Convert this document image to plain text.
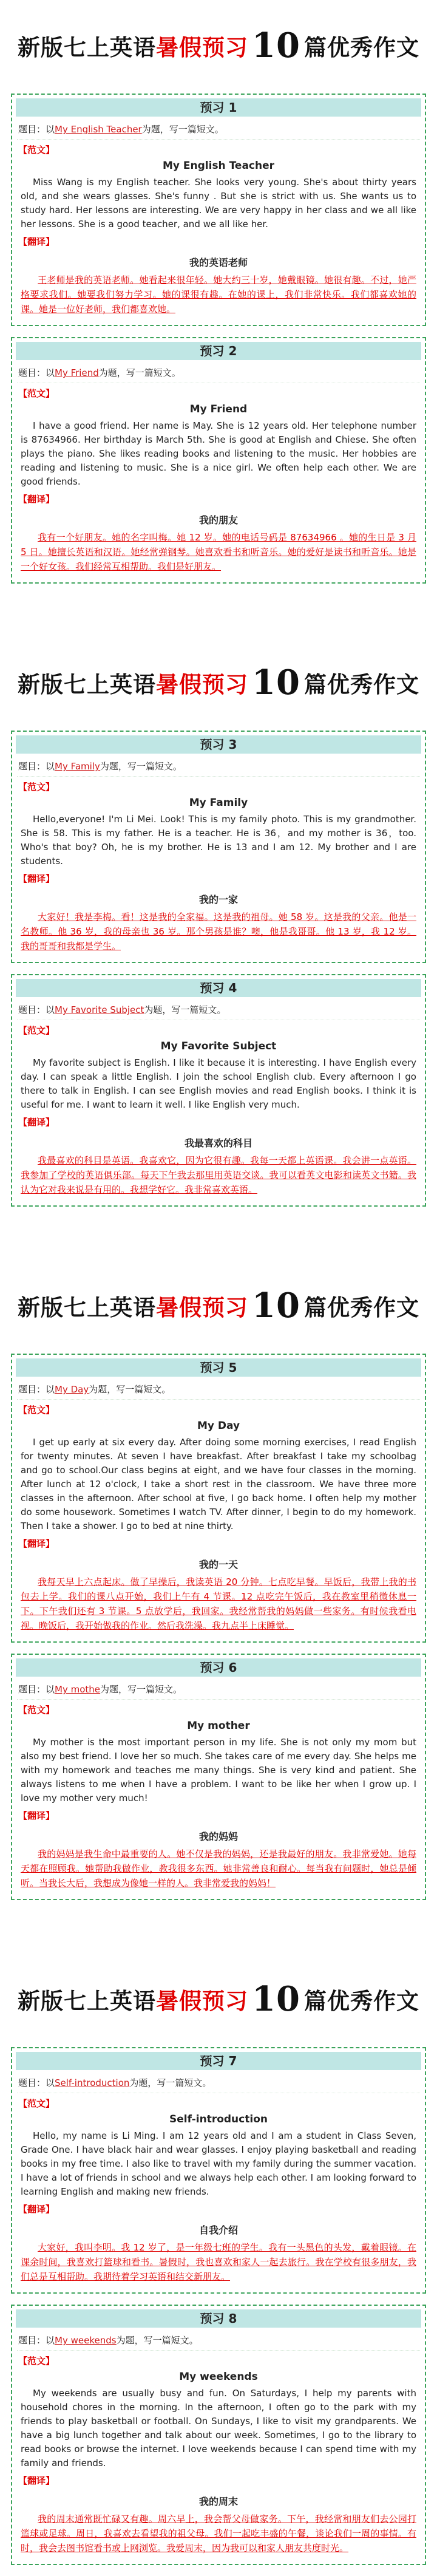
新版七上英语 暑假预习 10 篇优秀作文
预习 1
题目：以My English Teacher为题，写一篇短文。
【范文】
My English Teacher
Miss Wang is my English teacher. She looks very young. She's about thirty years old, and she wears glasses. She's funny . But she is strict with us. She wants us to study hard. Her lessons are interesting. We are very happy in her class and we all like her lessons. She is a good teacher, and we all like her.
【翻译】
我的英语老师
王老师是我的英语老师。她看起来很年轻。她大约三十岁，她戴眼镜。她很有趣。不过，她严格要求我们。她要我们努力学习。她的课很有趣。在她的课上，我们非常快乐。我们都喜欢她的课。她是一位好老师，我们都喜欢她。
预习 2
题目：以My Friend为题，写一篇短文。
【范文】
My Friend
I have a good friend. Her name is May. She is 12 years old. Her telephone number is 87634966. Her birthday is March 5th. She is good at English and Chiese. She often plays the piano. She likes reading books and listening to the music. Her hobbies are reading and listening to music. She is a nice girl. We often help each other. We are good friends.
【翻译】
我的朋友
我有一个好朋友。她的名字叫梅。她 12 岁。她的电话号码是 87634966 。她的生日是 3 月 5 日。她擅长英语和汉语。她经常弹钢琴。她喜欢看书和听音乐。她的爱好是读书和听音乐。她是一个好女孩。我们经常互相帮助。我们是好朋友。
新版七上英语 暑假预习 10 篇优秀作文
预习 3
题目：以My Family为题，写一篇短文。
【范文】
My Family
Hello,everyone! I'm Li Mei. Look! This is my family photo. This is my grandmother. She is 58. This is my father. He is a teacher. He is 36，and my mother is 36，too. Who's that boy? Oh, he is my brother. He is 13 and I am 12. My brother and I are students.
【翻译】
我的一家
大家好！我是李梅。看！这是我的全家福。这是我的祖母。她 58 岁。这是我的父亲。他是一名教师。他 36 岁，我的母亲也 36 岁。那个男孩是谁？噢，他是我哥哥。他 13 岁，我 12 岁。我的哥哥和我都是学生。
预习 4
题目：以My Favorite Subject为题，写一篇短文。
【范文】
My Favorite Subject
My favorite subject is English. I like it because it is interesting. I have English every day. I can speak a little English. I join the school English club. Every afternoon I go there to talk in English. I can see English movies and read English books. I think it is useful for me. I want to learn it well. I like English very much.
【翻译】
我最喜欢的科目
我最喜欢的科目是英语。我喜欢它，因为它很有趣。我每一天都上英语课。我会讲一点英语。我参加了学校的英语俱乐部。每天下午我去那里用英语交谈。我可以看英文电影和读英文书籍。我认为它对我来说是有用的。我想学好它。我非常喜欢英语。
新版七上英语 暑假预习 10 篇优秀作文
预习 5
题目：以My Day为题，写一篇短文。
【范文】
My Day
I get up early at six every day. After doing some morning exercises, I read English for twenty minutes. At seven I have breakfast. After breakfast I take my schoolbag and go to school.Our class begins at eight, and we have four classes in the morning. After lunch at 12 o'clock, I take a short rest in the classroom. We have three more classes in the afternoon. After school at five, I go back home. I often help my mother do some housework. Sometimes I watch TV. After dinner, I begin to do my homework. Then I take a shower. I go to bed at nine thirty.
【翻译】
我的一天
我每天早上六点起床。做了早操后，我读英语 20 分钟。七点吃早餐。早饭后，我带上我的书包去上学。我们的课八点开始，我们上午有 4 节课。12 点吃完午饭后，我在教室里稍微休息一下。下午我们还有 3 节课。5 点放学后，我回家。我经常帮我的妈妈做一些家务。有时候我看电视。晚饭后，我开始做我的作业。然后我洗澡。我九点半上床睡觉。
预习 6
题目：以My mothe为题，写一篇短文。
【范文】
My mother
My mother is the most important person in my life. She is not only my mom but also my best friend. I love her so much. She takes care of me every day. She helps me with my homework and teaches me many things. She is very kind and patient. She always listens to me when I have a problem. I want to be like her when I grow up. I love my mother very much!
【翻译】
我的妈妈
我的妈妈是我生命中最重要的人。她不仅是我的妈妈，还是我最好的朋友。我非常爱她。她每天都在照顾我。她帮助我做作业，教我很多东西。她非常善良和耐心。每当我有问题时，她总是倾听。当我长大后，我想成为像她一样的人。我非常爱我的妈妈！
新版七上英语 暑假预习 10 篇优秀作文
预习 7
题目：以Self-introduction为题，写一篇短文。
【范文】
Self-introduction
Hello, my name is Li Ming. I am 12 years old and I am a student in Class Seven, Grade One. I have black hair and wear glasses. I enjoy playing basketball and reading books in my free time. I also like to travel with my family during the summer vacation. I have a lot of friends in school and we always help each other. I am looking forward to learning English and making new friends.
【翻译】
自我介绍
大家好，我叫李明。我 12 岁了，是一年级七班的学生。我有一头黑色的头发，戴着眼镜。在课余时间，我喜欢打篮球和看书。暑假时，我也喜欢和家人一起去旅行。我在学校有很多朋友，我们总是互相帮助。我期待着学习英语和结交新朋友。
预习 8
题目：以My weekends为题，写一篇短文。
【范文】
My weekends
My weekends are usually busy and fun. On Saturdays, I help my parents with household chores in the morning. In the afternoon, I often go to the park with my friends to play basketball or football. On Sundays, I like to visit my grandparents. We have a big lunch together and talk about our week. Sometimes, I go to the library to read books or browse the internet. I love weekends because I can spend time with my family and friends.
【翻译】
我的周末
我的周末通常既忙碌又有趣。周六早上，我会帮父母做家务。下午，我经常和朋友们去公园打篮球或足球。周日，我喜欢去看望我的祖父母。我们一起吃丰盛的午餐，谈论我们一周的事情。有时，我会去图书馆看书或上网浏览。我爱周末，因为我可以和家人朋友共度时光。
